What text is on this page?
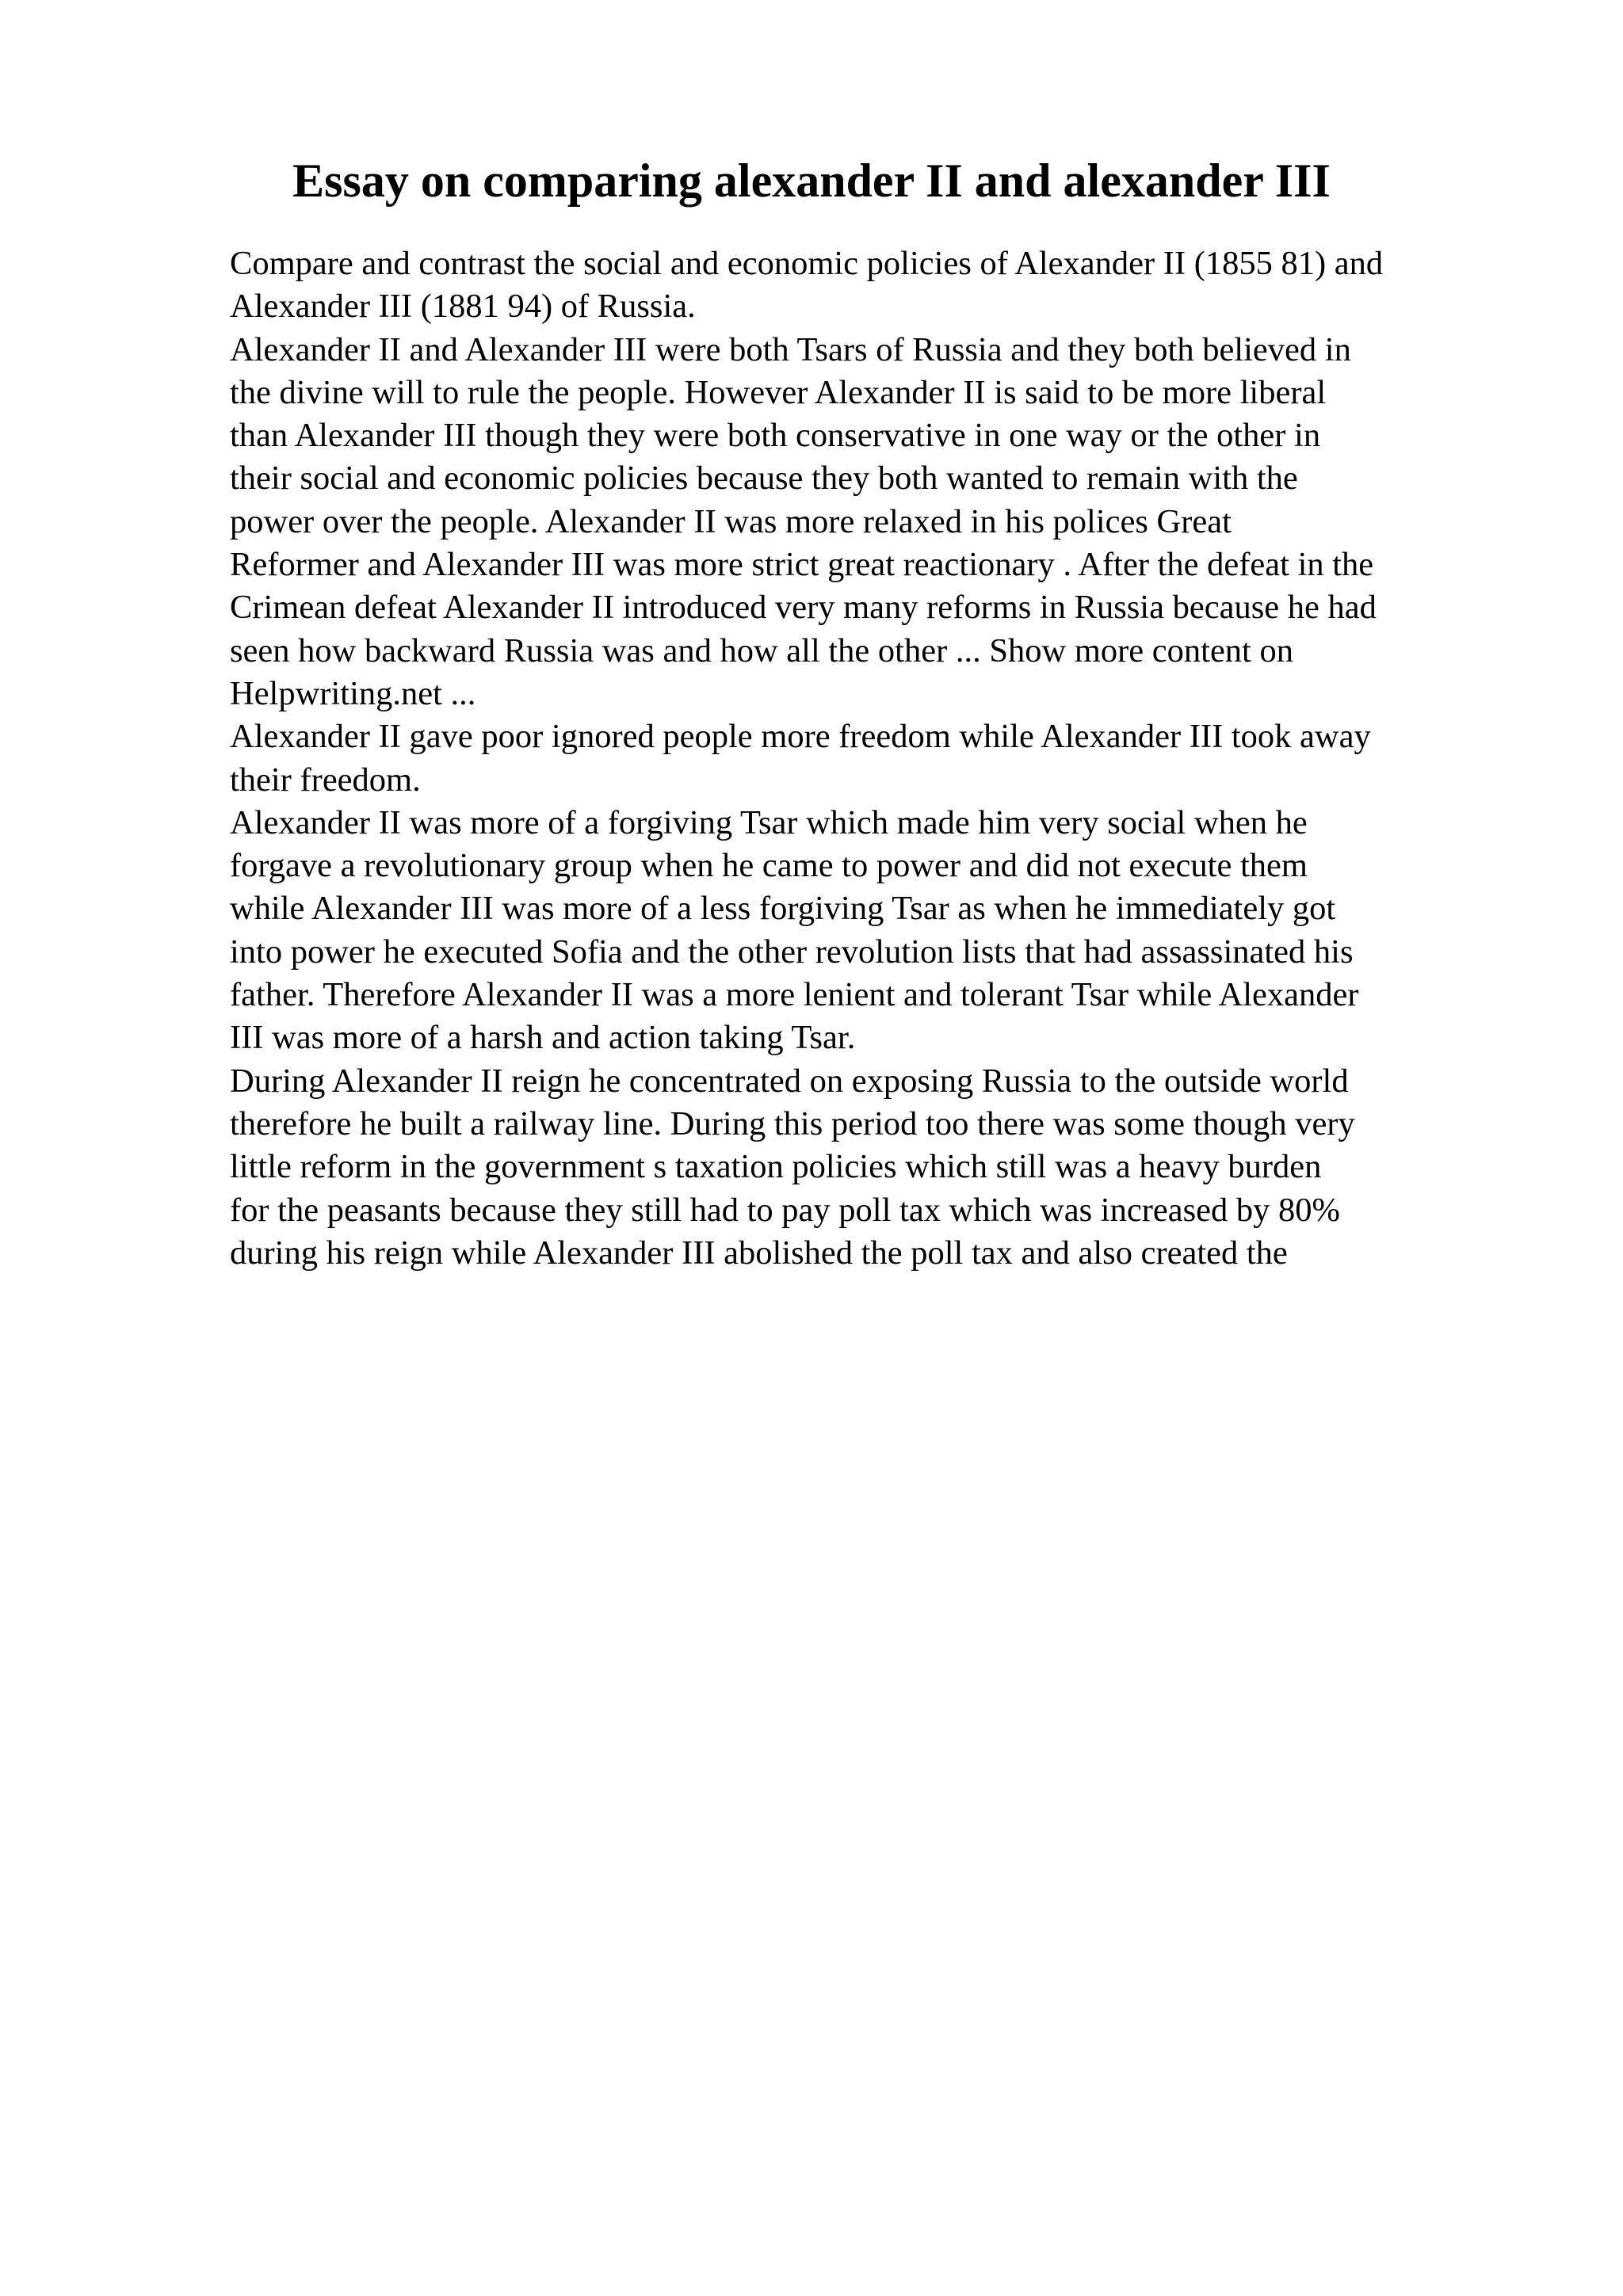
Essay on comparing alexander II and alexander III
Compare and contrast the social and economic policies of Alexander II (1855 81) and
Alexander III (1881 94) of Russia.
Alexander II and Alexander III were both Tsars of Russia and they both believed in
the divine will to rule the people. However Alexander II is said to be more liberal
than Alexander III though they were both conservative in one way or the other in
their social and economic policies because they both wanted to remain with the
power over the people. Alexander II was more relaxed in his polices Great
Reformer and Alexander III was more strict great reactionary . After the defeat in the
Crimean defeat Alexander II introduced very many reforms in Russia because he had
seen how backward Russia was and how all the other ... Show more content on
Helpwriting.net ...
Alexander II gave poor ignored people more freedom while Alexander III took away
their freedom.
Alexander II was more of a forgiving Tsar which made him very social when he
forgave a revolutionary group when he came to power and did not execute them
while Alexander III was more of a less forgiving Tsar as when he immediately got
into power he executed Sofia and the other revolution lists that had assassinated his
father. Therefore Alexander II was a more lenient and tolerant Tsar while Alexander
III was more of a harsh and action taking Tsar.
During Alexander II reign he concentrated on exposing Russia to the outside world
therefore he built a railway line. During this period too there was some though very
little reform in the government s taxation policies which still was a heavy burden
for the peasants because they still had to pay poll tax which was increased by 80%
during his reign while Alexander III abolished the poll tax and also created the
